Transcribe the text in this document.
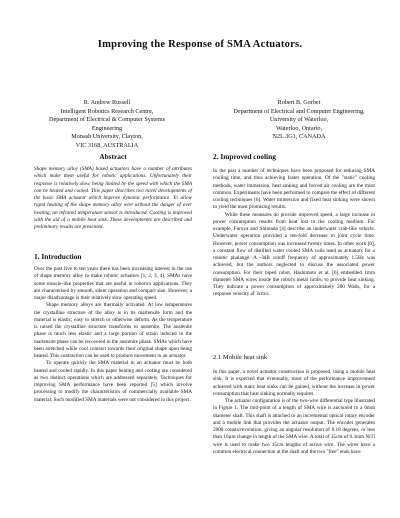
Improving the Response of SMA Actuators.
R. Andrew Russell
Intelligent Robotics Research Centre,
Department of Electrical & Computer Systems
Engineering
Monash University, Clayton,
VIC 3168, AUSTRALIA
Robert B. Gorbet
Department of Electrical and Computer Engineering,
University of Waterloo,
Waterloo, Ontario,
N2L 3G1, CANADA
Abstract

Shape memory alloy (SMA) based actuators have a number of attributes which make them useful for robotic applications. Unfortunately their response is relatively slow, being limited by the speed with which the SMA can be heated and cooled. This paper describes two novel developments of the basic SMA actuator which improve dynamic performance. To allow rapid heating of the shape memory alloy wire without the danger of over heating, an infrared temperature sensor is introduced. Cooling is improved with the aid of a mobile heat sink. These developments are described and preliminary results are presented.

1. Introduction

Over the past five to ten years there has been increasing interest in the use of shape memory alloy to make robotic actuators [1, 2, 3, 4]. SMAs have some muscle-like properties that are useful in robotics applications. They are characterised by smooth, silent operation and compact size. However, a major disadvantage is their relatively slow operating speed.

Shape memory alloys are thermally activated. At low temperatures the crystalline structure of the alloy is in its martensite form and the material is elastic; easy to stretch or otherwise deform. As the temperature is raised the crystalline structure transforms to austenite. The austenite phase is much less elastic and a large portion of strain induced in the martensite phase can be recovered in the austenite phase. SMAs which have been stretched while cool contract towards their original shape upon being heated. This contraction can be used to produce movement in an actuator.

To operate quickly the SMA material in an actuator must be both heated and cooled rapidly. In this paper heating and cooling are considered as two distinct operations which are addressed separately. Techniques for improving SMA performance have been reported [5] which involve processing to modify the characteristics of commercially available SMA material. Such modified SMA materials were not considered in this project.

2. Improved cooling

In the past a number of techniques have been proposed for reducing SMA cooling time, and thus achieving faster operation. Of the "static" cooling methods, water immersion, heat sinking and forced air cooling are the most common. Experiments have been performed to compare the effect of different cooling techniques [6]. Water immersion and fixed heat sinking were shown to yield the most promising results.

While these measures do provide improved speed, a large increase in power consumption results from heat lost to the cooling medium. For example, Furuya and Shimada [4] describe an underwater crab-like vehicle. Underwater operation provided a ten-fold decrease in joint cycle time. However, power consumption was increased twenty times. In other work [6], a constant flow of distilled water cooled SMA coils used as actuators for a robotic phalange. A -3dB cutoff frequency of approximately 1.5Hz was achieved, but the authors neglected to discuss the associated power consumption. For their biped robot, Hashimoto et al. [6] embedded 1mm diameter SMA wires inside the robot's metal limbs, to provide heat sinking. They indicate a power consumption of approximately 200 Watts, for a response velocity of 3cm/s.

2.1 Mobile heat sink

In this paper, a novel actuator construction is proposed, using a mobile heat sink. It is expected that eventually, most of the performance improvement achieved with static heat sinks can be gained, without the increase in power consumption that heat sinking normally requires.

The actuator configuration is of the two-wire differential type illustrated in Figure 1. The mid-point of a length of SMA wire is anchored to a 6mm diameter shaft. This shaft is attached to an incremental optical rotary encoder and a mobile link that provides the actuator output. The encoder generates 2000 counts/revolution, giving an angular resolution of 0.18 degrees, or less than 10µm change in length of the SMA wire. A total of 35cm of 0.3mm NiTi wire is used to make two 15cm lengths of active wire. The wires have a common electrical connection at the shaft and the two "free" ends have
